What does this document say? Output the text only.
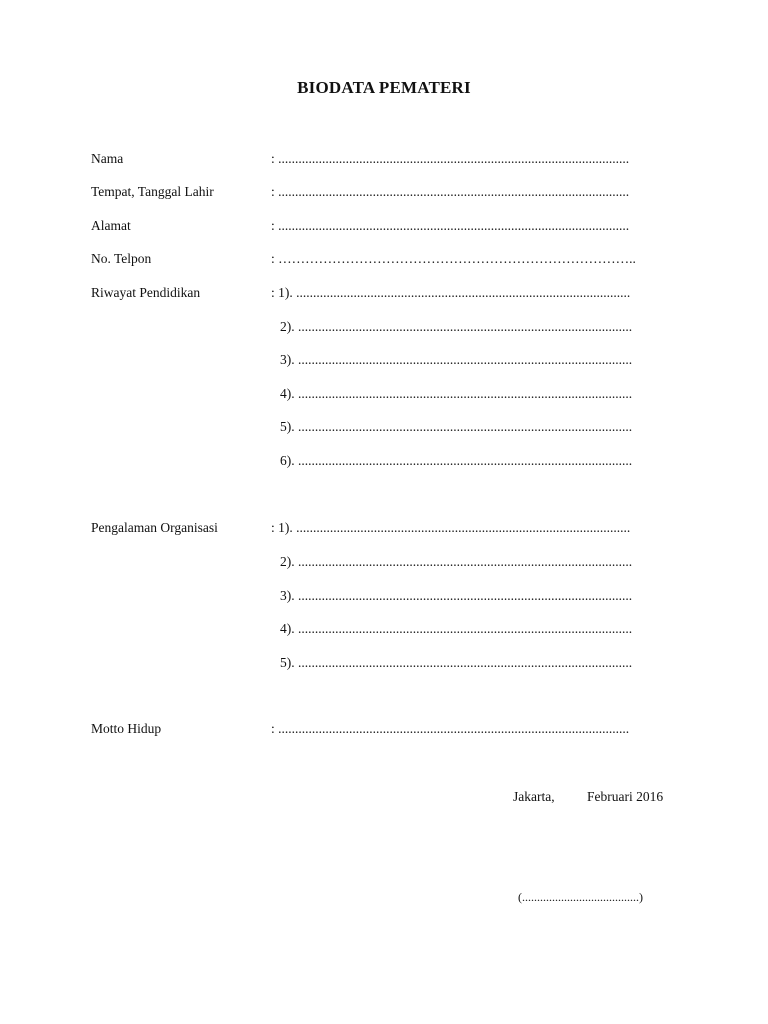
BIODATA PEMATERI
Nama	: ........................................................................................................
Tempat, Tanggal Lahir	: ........................................................................................................
Alamat	: ........................................................................................................
No. Telpon	: ……………………………………………………………………..
Riwayat Pendidikan	: 1). ...................................................................................................
2). ...................................................................................................
3). ...................................................................................................
4). ...................................................................................................
5). ...................................................................................................
6). ...................................................................................................
Pengalaman Organisasi	: 1). ...................................................................................................
2). ...................................................................................................
3). ...................................................................................................
4). ...................................................................................................
5). ...................................................................................................
Motto Hidup	: ........................................................................................................
Jakarta, Februari 2016
(.......................................)
